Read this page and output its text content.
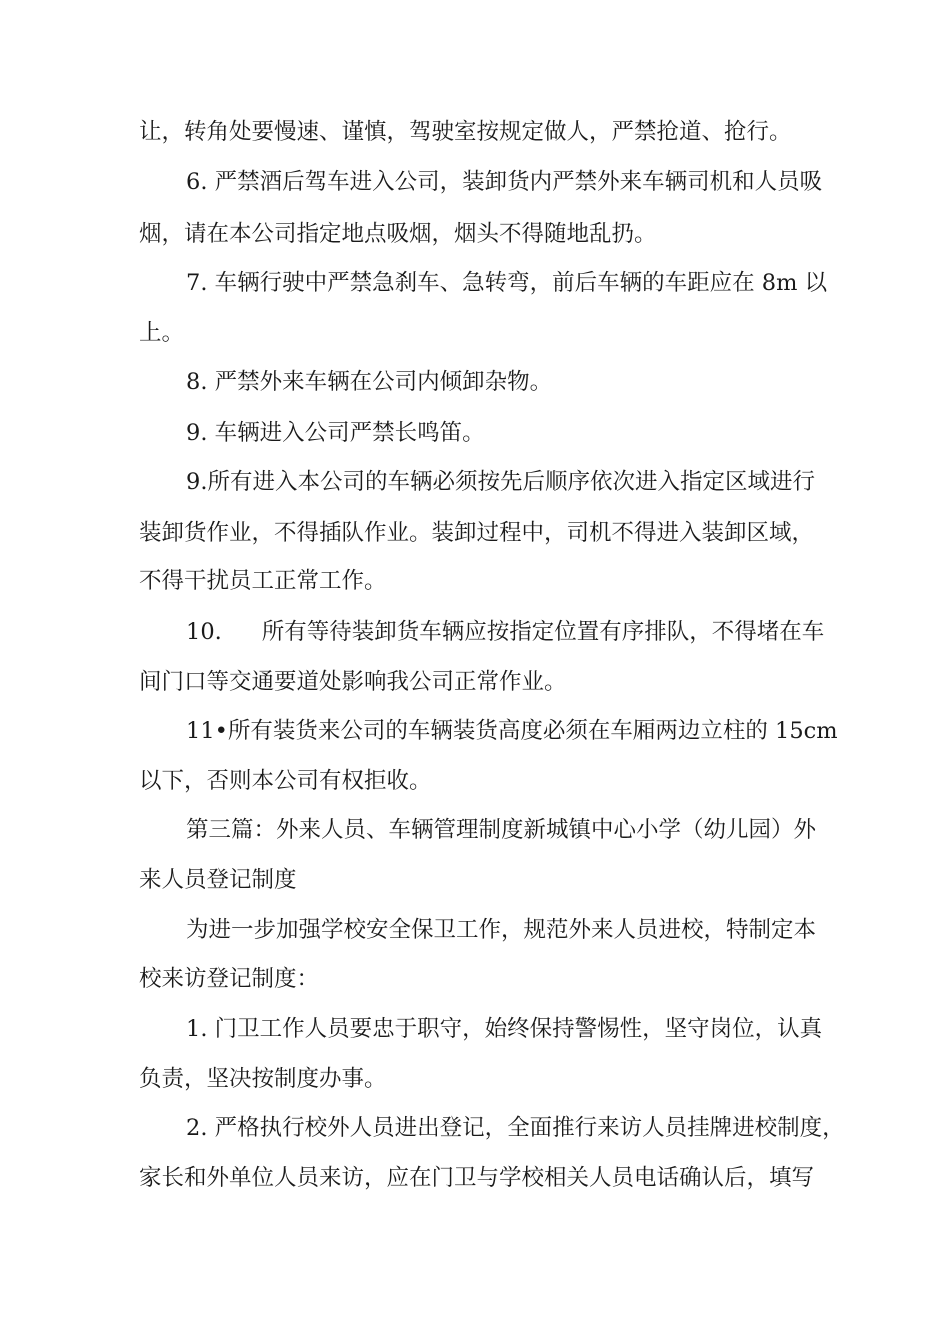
让，转角处要慢速、谨慎，驾驶室按规定做人，严禁抢道、抢行。
6. 严禁酒后驾车进入公司，装卸货内严禁外来车辆司机和人员吸
烟，请在本公司指定地点吸烟，烟头不得随地乱扔。
7. 车辆行驶中严禁急刹车、急转弯，前后车辆的车距应在 8m 以
上。
8. 严禁外来车辆在公司内倾卸杂物。
9. 车辆进入公司严禁长鸣笛。
9.所有进入本公司的车辆必须按先后顺序依次进入指定区域进行
装卸货作业，不得插队作业。装卸过程中，司机不得进入装卸区域，
不得干扰员工正常工作。
10. 所有等待装卸货车辆应按指定位置有序排队，不得堵在车
间门口等交通要道处影响我公司正常作业。
11•所有装货来公司的车辆装货高度必须在车厢两边立柱的 15cm
以下，否则本公司有权拒收。
第三篇：外来人员、车辆管理制度新城镇中心小学（幼儿园）外
来人员登记制度
为进一步加强学校安全保卫工作，规范外来人员进校，特制定本
校来访登记制度：
1. 门卫工作人员要忠于职守，始终保持警惕性，坚守岗位，认真
负责，坚决按制度办事。
2. 严格执行校外人员进出登记，全面推行来访人员挂牌进校制度，
家长和外单位人员来访，应在门卫与学校相关人员电话确认后，填写
